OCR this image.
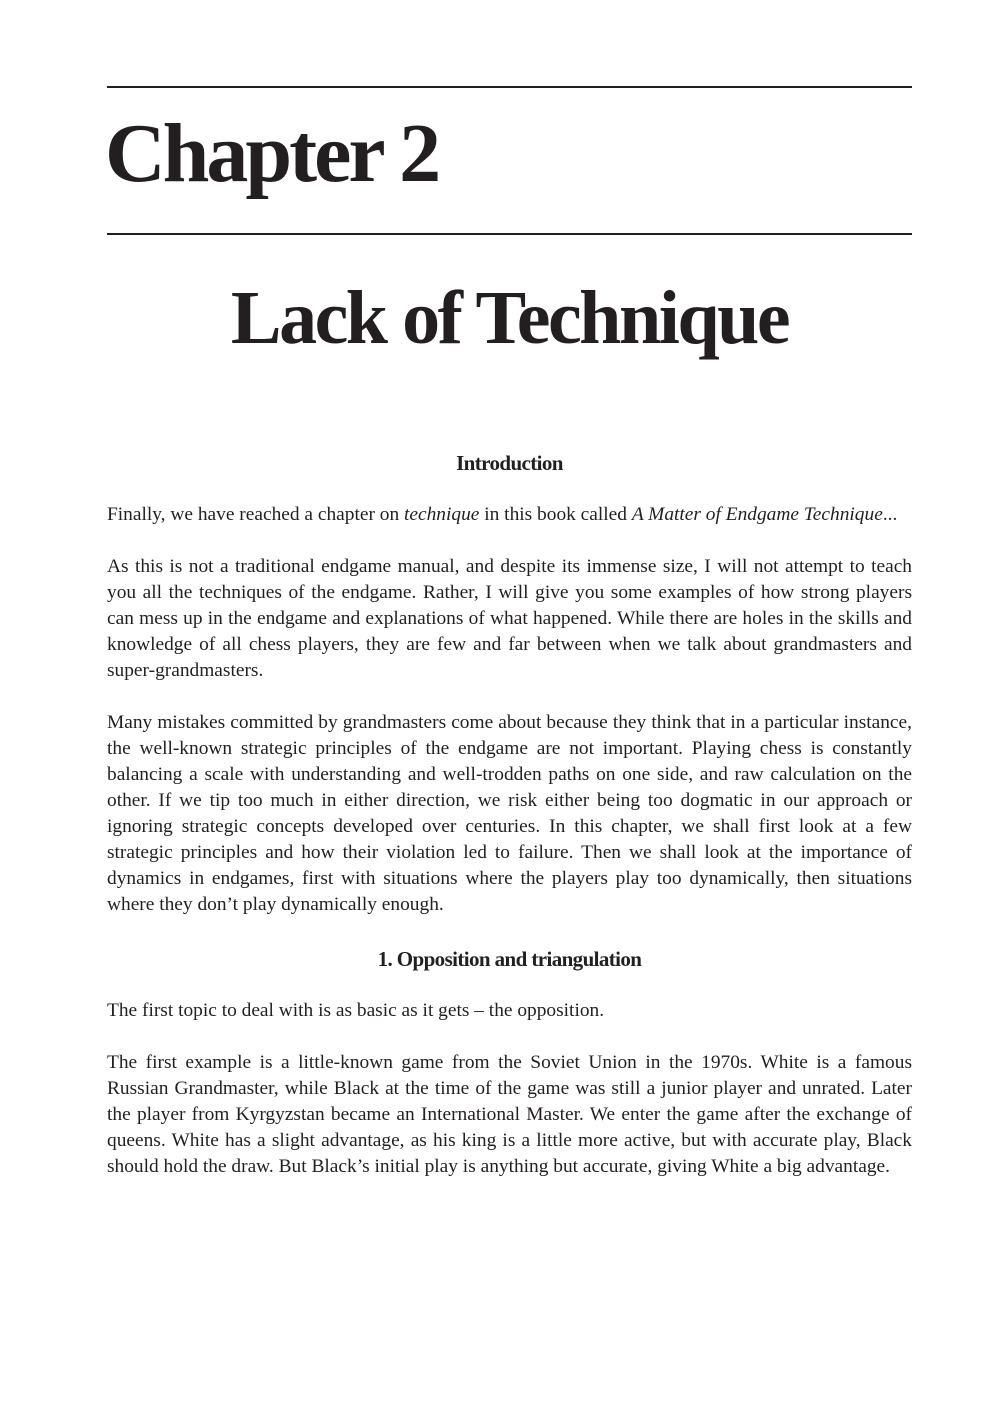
Chapter 2
Lack of Technique
Introduction

Finally, we have reached a chapter on technique in this book called A Matter of Endgame Technique...

As this is not a traditional endgame manual, and despite its immense size, I will not attempt to teach you all the techniques of the endgame. Rather, I will give you some examples of how strong players can mess up in the endgame and explanations of what happened. While there are holes in the skills and knowledge of all chess players, they are few and far between when we talk about grandmasters and super-grandmasters.

Many mistakes committed by grandmasters come about because they think that in a particular instance, the well-known strategic principles of the endgame are not important. Playing chess is constantly balancing a scale with understanding and well-trodden paths on one side, and raw calculation on the other. If we tip too much in either direction, we risk either being too dogmatic in our approach or ignoring strategic concepts developed over centuries. In this chapter, we shall first look at a few strategic principles and how their violation led to failure. Then we shall look at the importance of dynamics in endgames, first with situations where the players play too dynamically, then situations where they don’t play dynamically enough.

1. Opposition and triangulation

The first topic to deal with is as basic as it gets – the opposition.

The first example is a little-known game from the Soviet Union in the 1970s. White is a famous Russian Grandmaster, while Black at the time of the game was still a junior player and unrated. Later the player from Kyrgyzstan became an International Master. We enter the game after the exchange of queens. White has a slight advantage, as his king is a little more active, but with accurate play, Black should hold the draw. But Black’s initial play is anything but accurate, giving White a big advantage.
